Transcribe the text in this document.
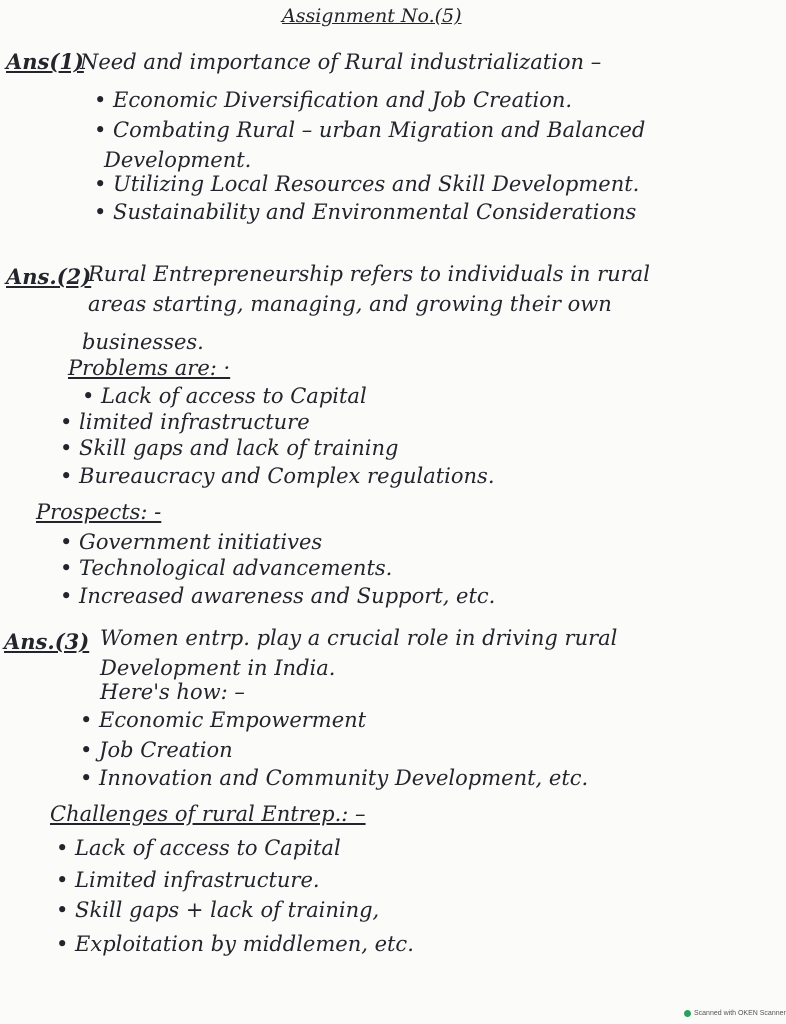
Assignment No.(5)
Ans(1)
Need and importance of Rural industrialization –
• Economic Diversification and Job Creation.
• Combating Rural – urban Migration and Balanced
Development.
• Utilizing Local Resources and Skill Development.
• Sustainability and Environmental Considerations
Ans.(2)
Rural Entrepreneurship refers to individuals in rural
areas starting, managing, and growing their own
businesses.
Problems are: ·
• Lack of access to Capital
• limited infrastructure
• Skill gaps and lack of training
• Bureaucracy and Complex regulations.
Prospects: -
• Government initiatives
• Technological advancements.
• Increased awareness and Support, etc.
Ans.(3) Women entrp. play a crucial role in driving rural
Development in India.
Here's how: –
• Economic Empowerment
• Job Creation
• Innovation and Community Development, etc.
Challenges of rural Entrep.: –
• Lack of access to Capital
• Limited infrastructure.
• Skill gaps + lack of training,
• Exploitation by middlemen, etc.
Scanned with OKEN Scanner
